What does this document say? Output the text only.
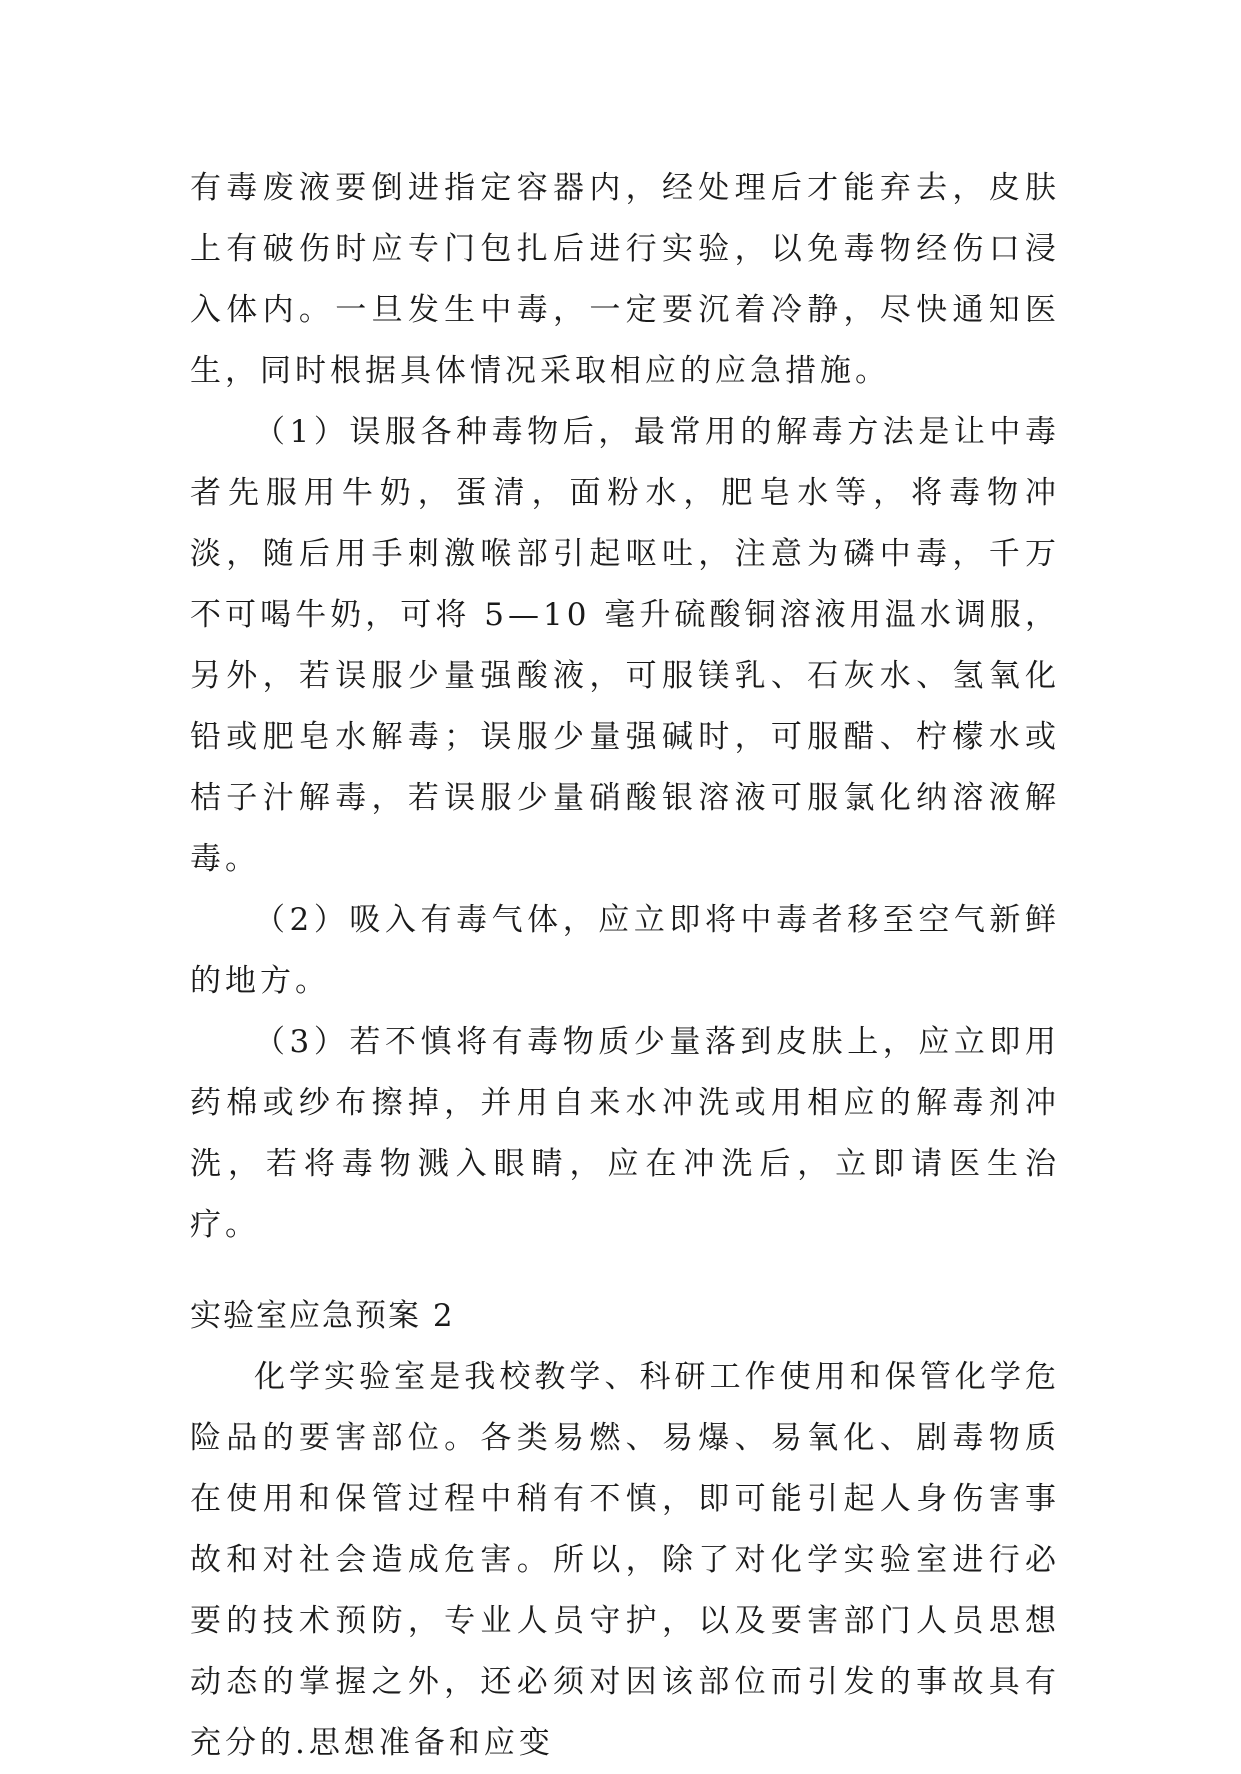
有毒废液要倒进指定容器内，经处理后才能弃去，皮肤上有破伤时应专门包扎后进行实验，以免毒物经伤口浸入体内。一旦发生中毒，一定要沉着冷静，尽快通知医生，同时根据具体情况采取相应的应急措施。

（1）误服各种毒物后，最常用的解毒方法是让中毒者先服用牛奶，蛋清，面粉水，肥皂水等，将毒物冲淡，随后用手刺激喉部引起呕吐，注意为磷中毒，千万不可喝牛奶，可将 5—10 毫升硫酸铜溶液用温水调服，另外，若误服少量强酸液，可服镁乳、石灰水、氢氧化铅或肥皂水解毒；误服少量强碱时，可服醋、柠檬水或桔子汁解毒，若误服少量硝酸银溶液可服氯化纳溶液解毒。

（2）吸入有毒气体，应立即将中毒者移至空气新鲜的地方。

（3）若不慎将有毒物质少量落到皮肤上，应立即用药棉或纱布擦掉，并用自来水冲洗或用相应的解毒剂冲洗，若将毒物溅入眼睛，应在冲洗后，立即请医生治疗。

实验室应急预案 2

化学实验室是我校教学、科研工作使用和保管化学危险品的要害部位。各类易燃、易爆、易氧化、剧毒物质在使用和保管过程中稍有不慎，即可能引起人身伤害事故和对社会造成危害。所以，除了对化学实验室进行必要的技术预防，专业人员守护，以及要害部门人员思想动态的掌握之外，还必须对因该部位而引发的事故具有充分的.思想准备和应变
